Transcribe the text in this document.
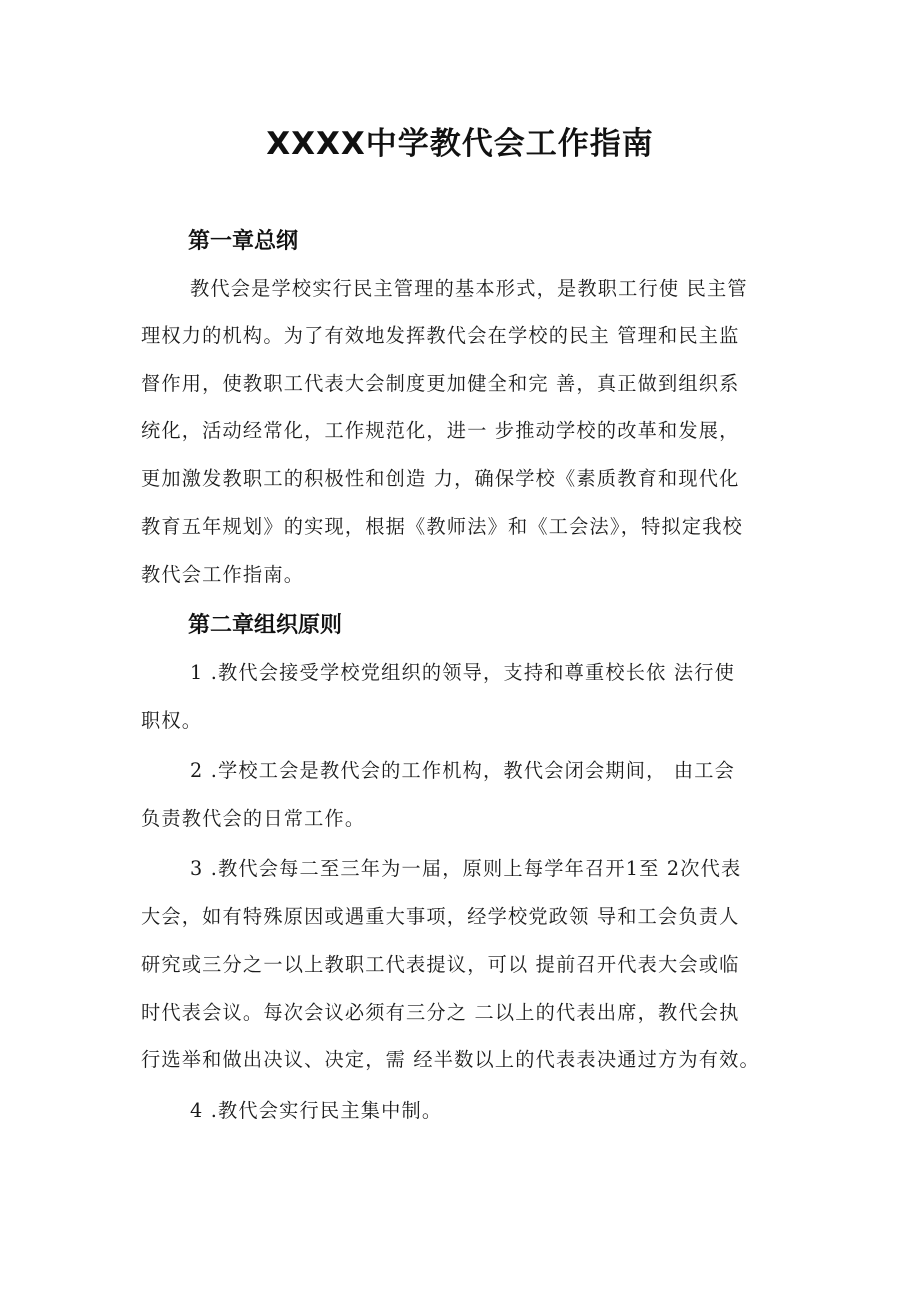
XXXX中学教代会工作指南
第一章总纲
教代会是学校实行民主管理的基本形式，是教职工行使 民主管
理权力的机构。为了有效地发挥教代会在学校的民主 管理和民主监
督作用，使教职工代表大会制度更加健全和完 善，真正做到组织系
统化，活动经常化，工作规范化，进一 步推动学校的改革和发展，
更加激发教职工的积极性和创造 力，确保学校《素质教育和现代化
教育五年规划》的实现，根据《教师法》和《工会法》，特拟定我校
教代会工作指南。
第二章组织原则
1 .教代会接受学校党组织的领导，支持和尊重校长依 法行使
职权。
2 .学校工会是教代会的工作机构，教代会闭会期间， 由工会
负责教代会的日常工作。
3 .教代会每二至三年为一届，原则上每学年召开1至 2次代表
大会，如有特殊原因或遇重大事项，经学校党政领 导和工会负责人
研究或三分之一以上教职工代表提议，可以 提前召开代表大会或临
时代表会议。每次会议必须有三分之 二以上的代表出席，教代会执
行选举和做出决议、决定，需 经半数以上的代表表决通过方为有效。
4 .教代会实行民主集中制。
